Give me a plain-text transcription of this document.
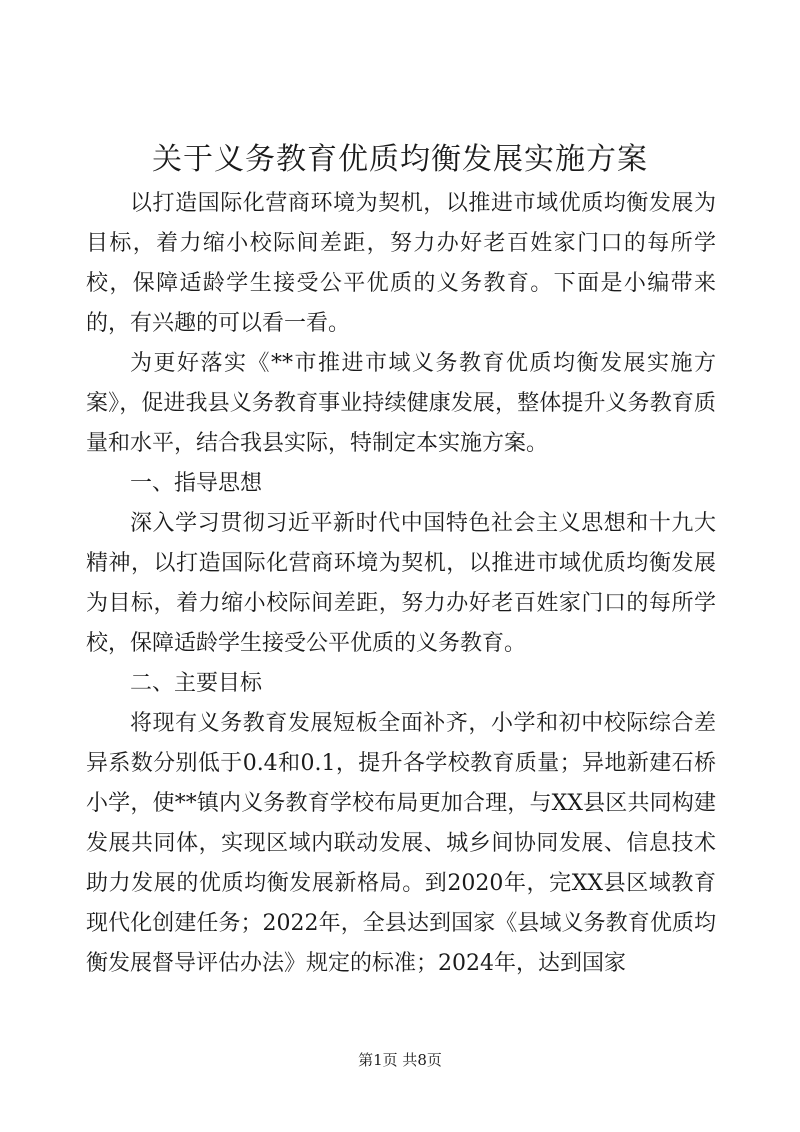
关于义务教育优质均衡发展实施方案

以打造国际化营商环境为契机，以推进市域优质均衡发展为目标，着力缩小校际间差距，努力办好老百姓家门口的每所学校，保障适龄学生接受公平优质的义务教育。下面是小编带来的，有兴趣的可以看一看。

为更好落实《**市推进市域义务教育优质均衡发展实施方案》，促进我县义务教育事业持续健康发展，整体提升义务教育质量和水平，结合我县实际，特制定本实施方案。

一、指导思想

深入学习贯彻习近平新时代中国特色社会主义思想和十九大精神，以打造国际化营商环境为契机，以推进市域优质均衡发展为目标，着力缩小校际间差距，努力办好老百姓家门口的每所学校，保障适龄学生接受公平优质的义务教育。

二、主要目标

将现有义务教育发展短板全面补齐，小学和初中校际综合差异系数分别低于0.4和0.1，提升各学校教育质量；异地新建石桥小学，使**镇内义务教育学校布局更加合理，与XX县区共同构建发展共同体，实现区域内联动发展、城乡间协同发展、信息技术助力发展的优质均衡发展新格局。到2020年，完XX县区域教育现代化创建任务；2022年，全县达到国家《县域义务教育优质均衡发展督导评估办法》规定的标准；2024年，达到国家

第1页 共8页
